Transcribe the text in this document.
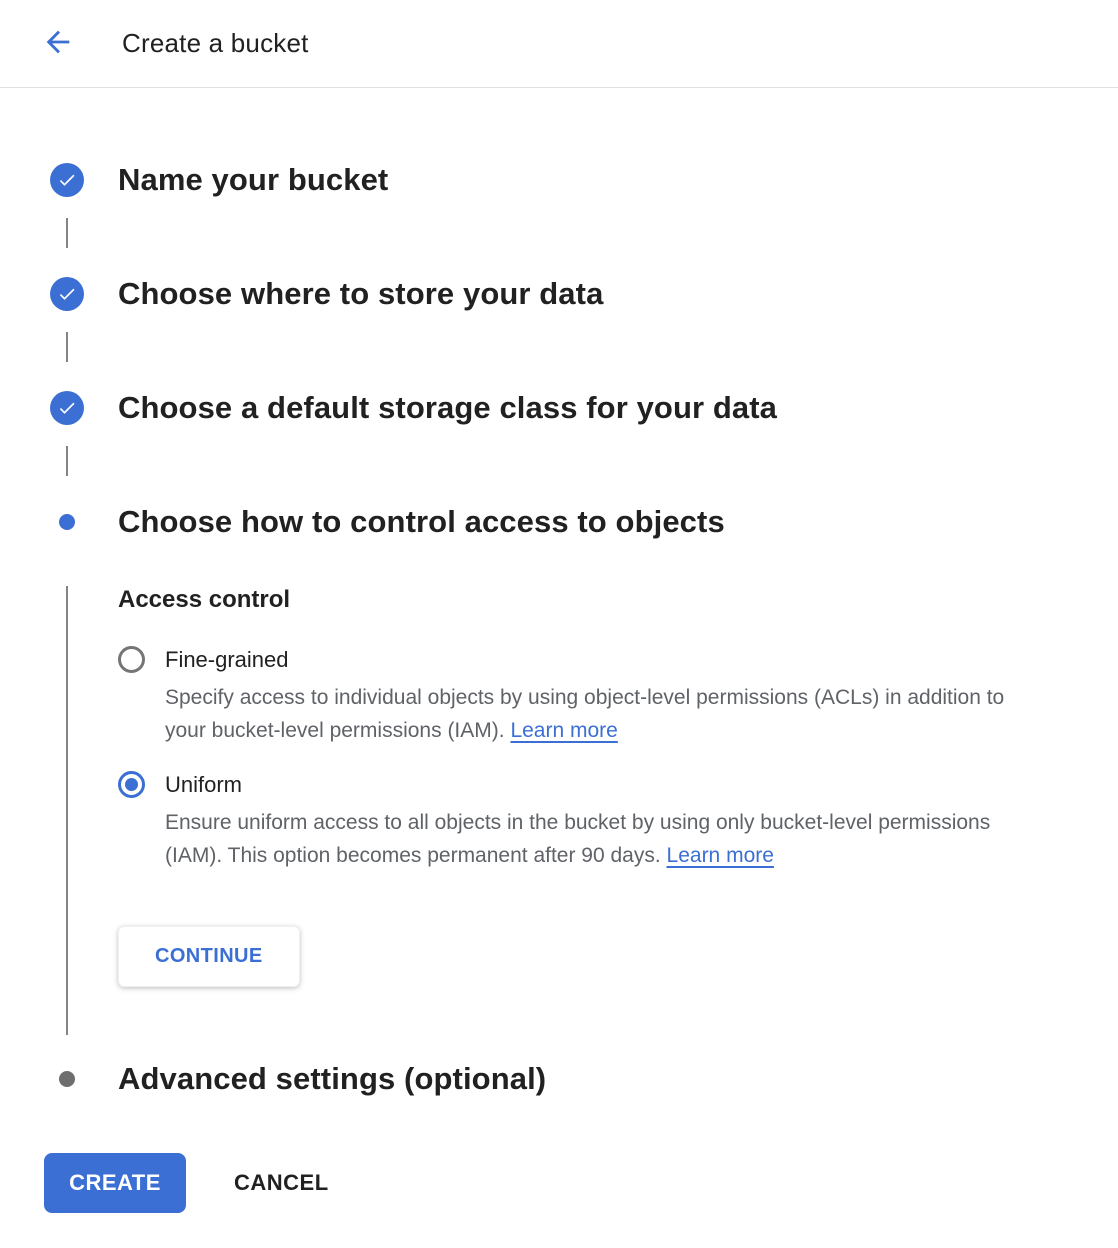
Create a bucket
Name your bucket
Choose where to store your data
Choose a default storage class for your data
Choose how to control access to objects
Access control
Fine-grained

Specify access to individual objects by using object-level permissions (ACLs) in addition to your bucket-level permissions (IAM). Learn more

Uniform

Ensure uniform access to all objects in the bucket by using only bucket-level permissions (IAM). This option becomes permanent after 90 days. Learn more

CONTINUE
Advanced settings (optional)
CREATE	CANCEL
